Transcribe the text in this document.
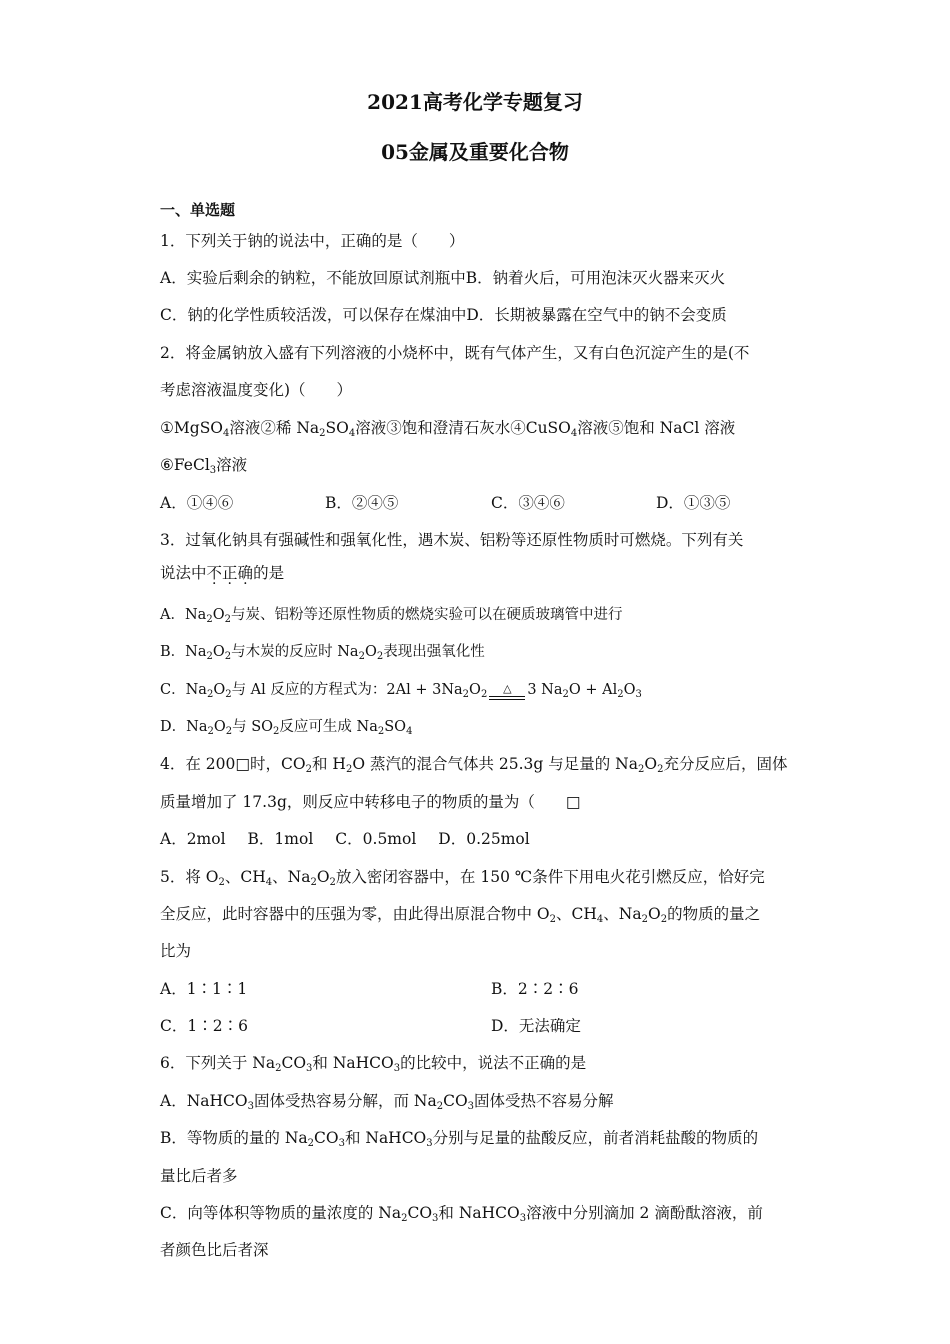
2021高考化学专题复习
05金属及重要化合物
一、单选题
1．下列关于钠的说法中，正确的是（　　）
A．实验后剩余的钠粒，不能放回原试剂瓶中B．钠着火后，可用泡沫灭火器来灭火
C．钠的化学性质较活泼，可以保存在煤油中D．长期被暴露在空气中的钠不会变质
2．将金属钠放入盛有下列溶液的小烧杯中，既有气体产生，又有白色沉淀产生的是(不
考虑溶液温度变化)（　　）
①MgSO$_4$溶液②稀 $Na_2SO_4$溶液③饱和澄清石灰水④CuSO$_4$溶液⑤饱和 NaCl 溶液
⑥FeCl$_3$溶液
A．①④⑥	B．②④⑤	C．③④⑥	D．①③⑤
3．过氧化钠具有强碱性和强氧化性，遇木炭、铝粉等还原性物质时可燃烧。下列有关
说法中不正确的是
A．$Na_2O_2$与炭、铝粉等还原性物质的燃烧实验可以在硬质玻璃管中进行
B．$Na_2O_2$与木炭的反应时 $Na_2O_2$表现出强氧化性
C．$Na_2O_2$与 Al 反应的方程式为：$2Al + 3Na_2O_2$ △ 3 $Na_2O + Al_2O_3$
D．$Na_2O_2$与 $SO_2$反应可生成 $Na_2SO_4$
4．在 200□时，$CO_2$和 $H_2O$ 蒸汽的混合气体共 25.3g 与足量的 $Na_2O_2$充分反应后，固体
质量增加了 17.3g，则反应中转移电子的物质的量为（　　□
A．2mol B．1mol C．0.5mol D．0.25mol
5．将 $O_2$、$CH_4$、$Na_2O_2$放入密闭容器中，在 150 ℃条件下用电火花引燃反应，恰好完
全反应，此时容器中的压强为零，由此得出原混合物中 $O_2$、$CH_4$、$Na_2O_2$的物质的量之
比为
A．1∶1∶1	B．2∶2∶6
C．1∶2∶6	D．无法确定
6．下列关于 $Na_2CO_3$和 NaHCO$_3$的比较中，说法不正确的是
A．NaHCO$_3$固体受热容易分解，而 $Na_2CO_3$固体受热不容易分解
B．等物质的量的 $Na_2CO_3$和 NaHCO$_3$分别与足量的盐酸反应，前者消耗盐酸的物质的
量比后者多
C．向等体积等物质的量浓度的 $Na_2CO_3$和 NaHCO$_3$溶液中分别滴加 2 滴酚酞溶液，前
者颜色比后者深
